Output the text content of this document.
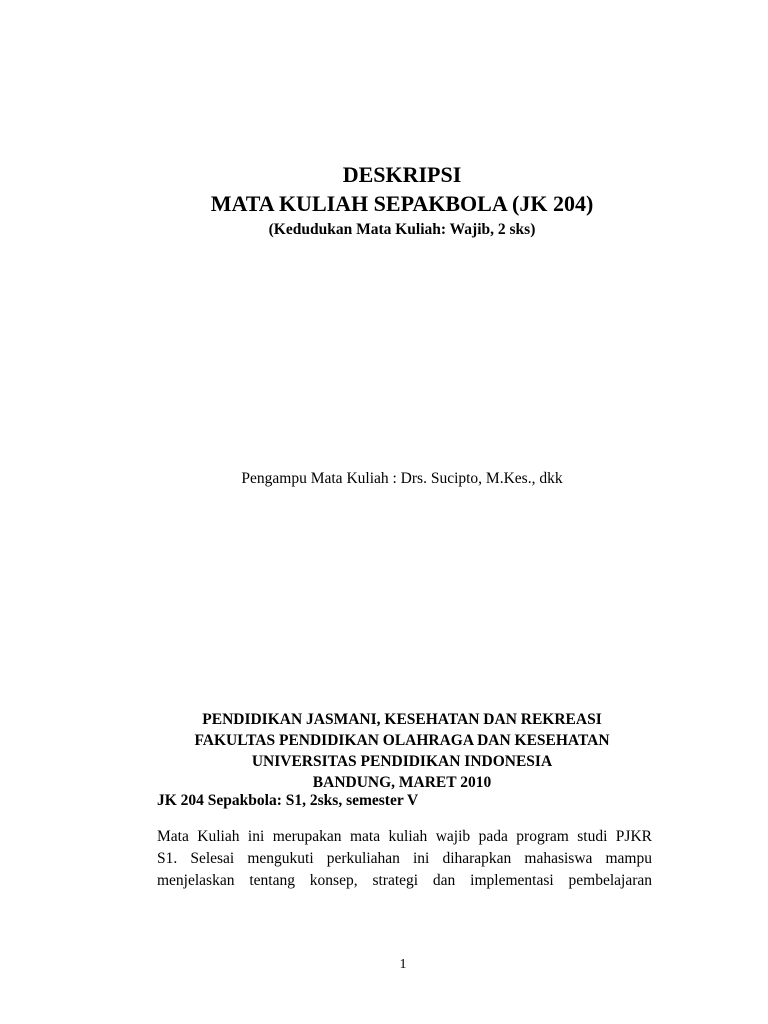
DESKRIPSI
MATA KULIAH SEPAKBOLA (JK 204)
(Kedudukan Mata Kuliah: Wajib, 2 sks)
Pengampu Mata Kuliah : Drs. Sucipto, M.Kes., dkk
PENDIDIKAN JASMANI, KESEHATAN DAN REKREASI
FAKULTAS PENDIDIKAN OLAHRAGA DAN KESEHATAN
UNIVERSITAS PENDIDIKAN INDONESIA
BANDUNG, MARET 2010
JK 204 Sepakbola: S1, 2sks, semester V
Mata Kuliah ini merupakan mata kuliah wajib pada program studi PJKR
S1. Selesai mengukuti perkuliahan ini diharapkan mahasiswa mampu
menjelaskan tentang konsep, strategi dan implementasi pembelajaran
1
